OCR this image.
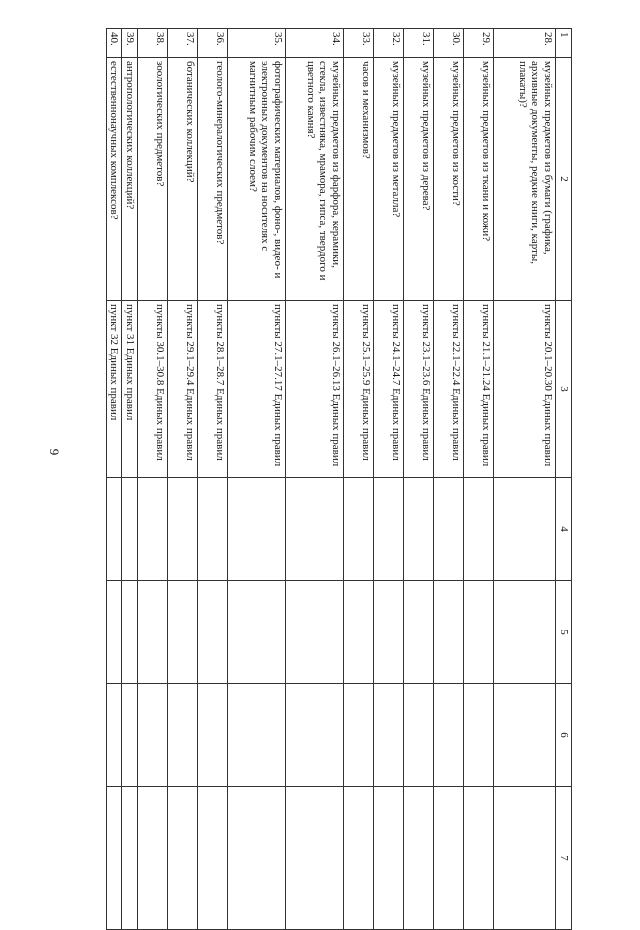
9
1	2	3	4	5	6	7
28.	музейных предметов из бумаги (графика, архивные документы, редкие книги, карты, плакаты)?	пункты 20.1–20.30 Единых правил				
29.	музейных предметов из ткани и кожи?	пункты 21.1–21.24 Единых правил				
30.	музейных предметов из кости?	пункты 22.1–22.4 Единых правил				
31.	музейных предметов из дерева?	пункты 23.1–23.6 Единых правил				
32.	музейных предметов из металла?	пункты 24.1–24.7 Единых правил				
33.	часов и механизмов?	пункты 25.1–25.9 Единых правил				
34.	музейных предметов из фарфора, керамики, стекла, известняка, мрамора, гипса, твердого и цветного камня?	пункты 26.1–26.13 Единых правил				
35.	фотографических материалов, фоно-, видео- и электронных документов на носителях с магнитным рабочим слоем?	пункты 27.1–27.17 Единых правил				
36.	геолого-минералогических предметов?	пункты 28.1–28.7 Единых правил				
37.	ботанических коллекций?	пункты 29.1–29.4 Единых правил				
38.	зоологических предметов?	пункты 30.1–30.8 Единых правил				
39.	антропологических коллекций?	пункт 31 Единых правил				
40.	естественнонаучных комплексов?	пункт 32 Единых правил				
